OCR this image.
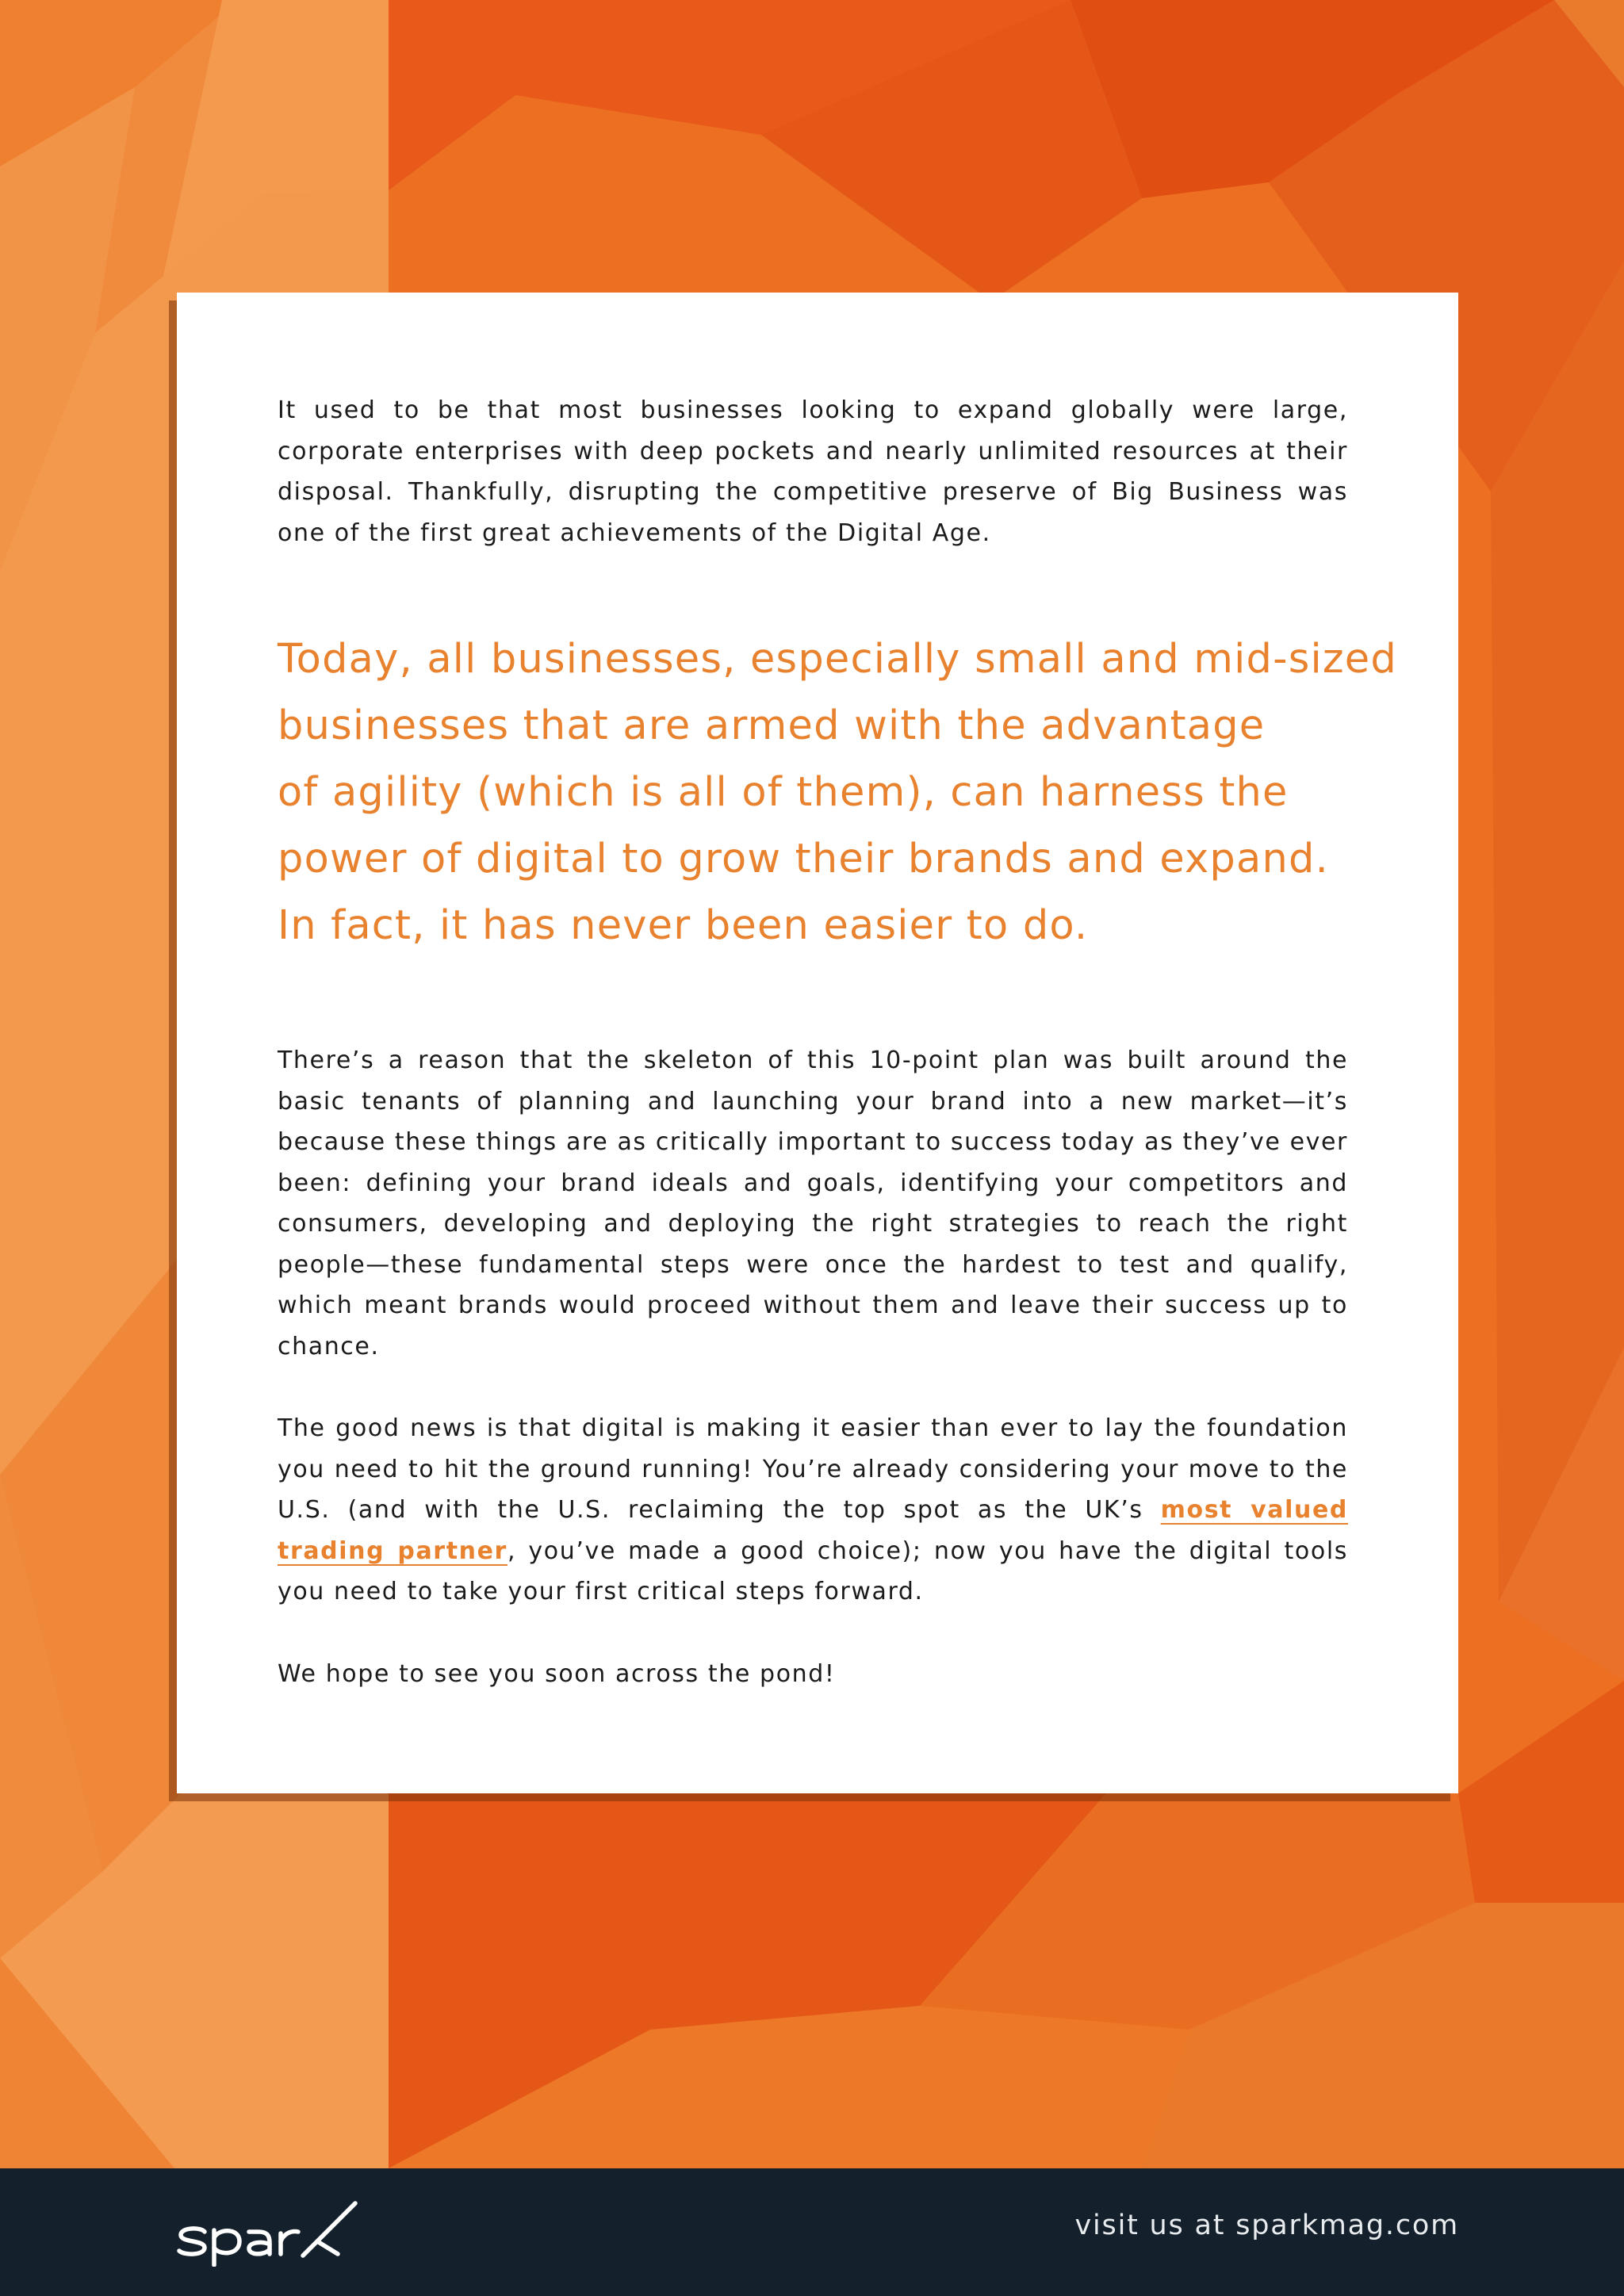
It used to be that most businesses looking to expand globally were large, corporate enterprises with deep pockets and nearly unlimited resources at their disposal. Thankfully, disrupting the competitive preserve of Big Business was one of the first great achievements of the Digital Age.

Today, all businesses, especially small and mid-sized
businesses that are armed with the advantage
of agility (which is all of them), can harness the
power of digital to grow their brands and expand.
In fact, it has never been easier to do.

There’s a reason that the skeleton of this 10-point plan was built around the basic tenants of planning and launching your brand into a new market—it’s because these things are as critically important to success today as they’ve ever been: defining your brand ideals and goals, identifying your competitors and consumers, developing and deploying the right strategies to reach the right people—these fundamental steps were once the hardest to test and qualify, which meant brands would proceed without them and leave their success up to chance.

The good news is that digital is making it easier than ever to lay the foundation you need to hit the ground running! You’re already considering your move to the U.S. (and with the U.S. reclaiming the top spot as the UK’s most valued trading partner, you’ve made a good choice); now you have the digital tools you need to take your first critical steps forward.

We hope to see you soon across the pond!

visit us at sparkmag.com
